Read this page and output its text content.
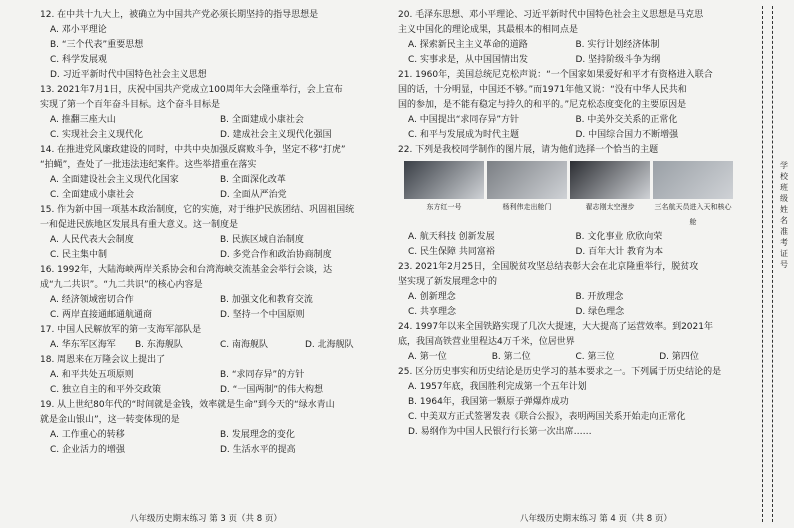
12. 在中共十九大上，被确立为中国共产党必须长期坚持的指导思想是
A. 邓小平理论
B. “三个代表”重要思想
C. 科学发展观
D. 习近平新时代中国特色社会主义思想
13. 2021年7月1日，庆祝中国共产党成立100周年大会隆重举行，会上宣布
实现了第一个百年奋斗目标。这个奋斗目标是
A. 推翻三座大山	B. 全面建成小康社会
C. 实现社会主义现代化	D. 建成社会主义现代化强国
14. 在推进党风廉政建设的同时，中共中央加强反腐败斗争，坚定不移“打虎”
“拍蝇”，查处了一批违法违纪案件。这些举措重在落实
A. 全面建设社会主义现代化国家	B. 全面深化改革
C. 全面建成小康社会	D. 全面从严治党
15. 作为新中国一项基本政治制度，它的实施，对于维护民族团结、巩固祖国统
一和促进民族地区发展具有重大意义。这一制度是
A. 人民代表大会制度	B. 民族区域自治制度
C. 民主集中制	D. 多党合作和政治协商制度
16. 1992年，大陆海峡两岸关系协会和台湾海峡交流基金会举行会谈，达
成“九二共识”。“九二共识”的核心内容是
A. 经济领域密切合作	B. 加强文化和教育交流
C. 两岸直接通邮通航通商	D. 坚持一个中国原则
17. 中国人民解放军的第一支海军部队是
A. 华东军区海军	B. 东海舰队	C. 南海舰队	D. 北海舰队
18. 周恩来在万隆会议上提出了
A. 和平共处五项原则	B. “求同存异”的方针
C. 独立自主的和平外交政策	D. “一国两制”的伟大构想
19. 从上世纪80年代的“时间就是金钱，效率就是生命”到今天的“绿水青山
就是金山银山”，这一转变体现的是
A. 工作重心的转移	B. 发展理念的变化
C. 企业活力的增强	D. 生活水平的提高
20. 毛泽东思想、邓小平理论、习近平新时代中国特色社会主义思想是马克思
主义中国化的理论成果，其最根本的相同点是
A. 探索新民主主义革命的道路	B. 实行计划经济体制
C. 实事求是，从中国国情出发	D. 坚持阶级斗争为纲
21. 1960年，美国总统尼克松声说：“一个国家如果爱好和平才有资格进入联合
国的话，十分明显，中国还不够。”而1971年他又说：“没有中华人民共和
国的参加，是不能有稳定与持久的和平的。”尼克松态度变化的主要原因是
A. 中国提出“求同存异”方针	B. 中美外交关系的正常化
C. 和平与发展成为时代主题	D. 中国综合国力不断增强
22. 下列是我校同学制作的图片展，请为他们选择一个恰当的主题
东方红一号	杨利伟走出舱门	翟志刚太空漫步	三名航天员进入天和核心舱
A. 航天科技 创新发展	B. 文化事业 欣欣向荣
C. 民生保障 共同富裕	D. 百年大计 教育为本
23. 2021年2月25日，全国脱贫攻坚总结表彰大会在北京隆重举行，脱贫攻
坚实现了新发展理念中的
A. 创新理念	B. 开放理念
C. 共享理念	D. 绿色理念
24. 1997年以来全国铁路实现了几次大提速，大大提高了运营效率。到2021年
底，我国高铁营业里程达4万千米，位居世界
A. 第一位	B. 第二位	C. 第三位	D. 第四位
25. 区分历史事实和历史结论是历史学习的基本要求之一。下列属于历史结论的是
A. 1957年底，我国胜利完成第一个五年计划
B. 1964年，我国第一颗原子弹爆炸成功
C. 中美双方正式签署发表《联合公报》，表明两国关系开始走向正常化
D. 易纲作为中国人民银行行长第一次出席……
八年级历史期末练习 第 3 页（共 8 页）	八年级历史期末练习 第 4 页（共 8 页）
学 校 班 级 姓 名 准 考 证 号
